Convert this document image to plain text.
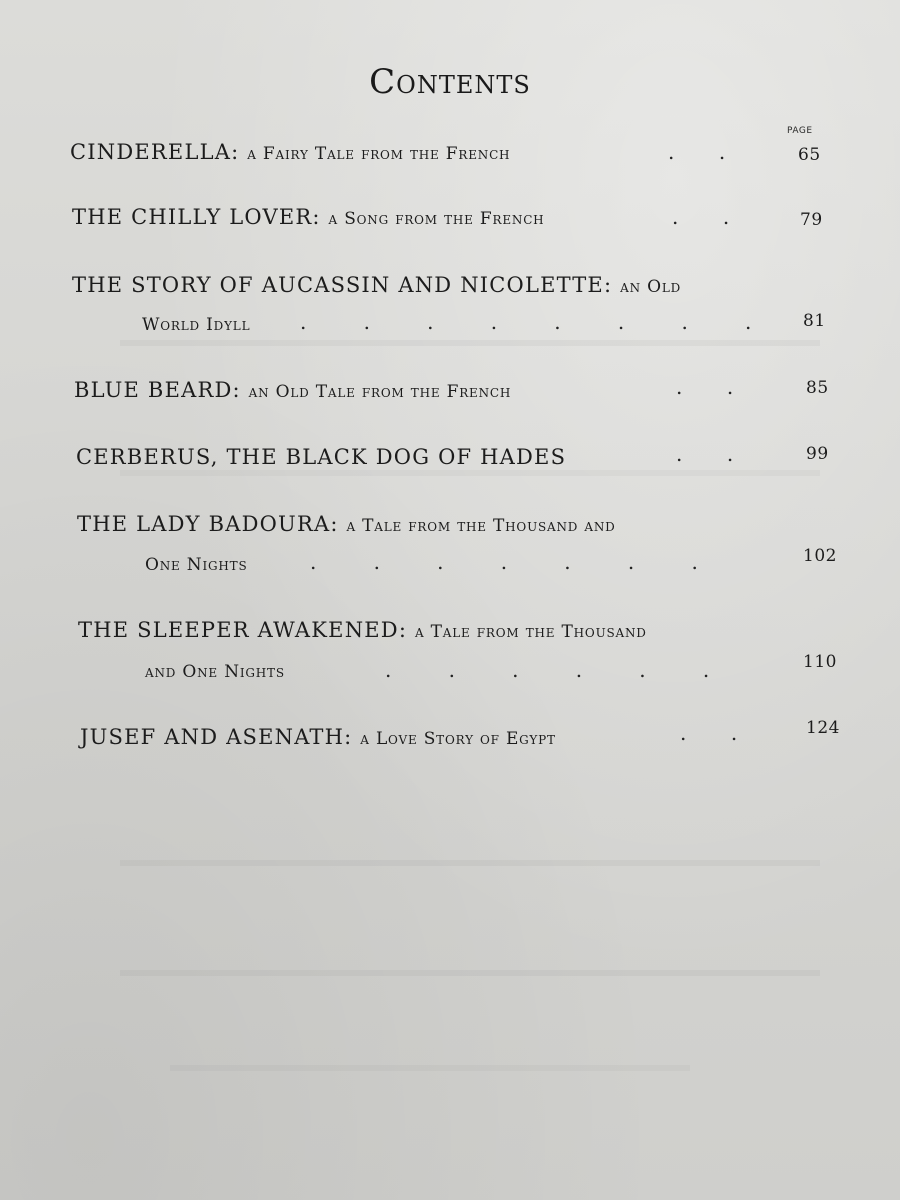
Contents
PAGE
CINDERELLA: a Fairy Tale from the French	.       .	65
THE CHILLY LOVER: a Song from the French	.       .	79
THE STORY OF AUCASSIN AND NICOLETTE: an Old
World Idyll .         .         .         .         .         .         .         .	81
BLUE BEARD: an Old Tale from the French	.       .	85
CERBERUS, THE BLACK DOG OF HADES	.       .	99
THE LADY BADOURA: a Tale from the Thousand and
One Nights	.         .         .         .         .         .         .	102
THE SLEEPER AWAKENED: a Tale from the Thousand
and One Nights	.         .         .         .         .         .	110
JUSEF AND ASENATH: a Love Story of Egypt	.       .	124
